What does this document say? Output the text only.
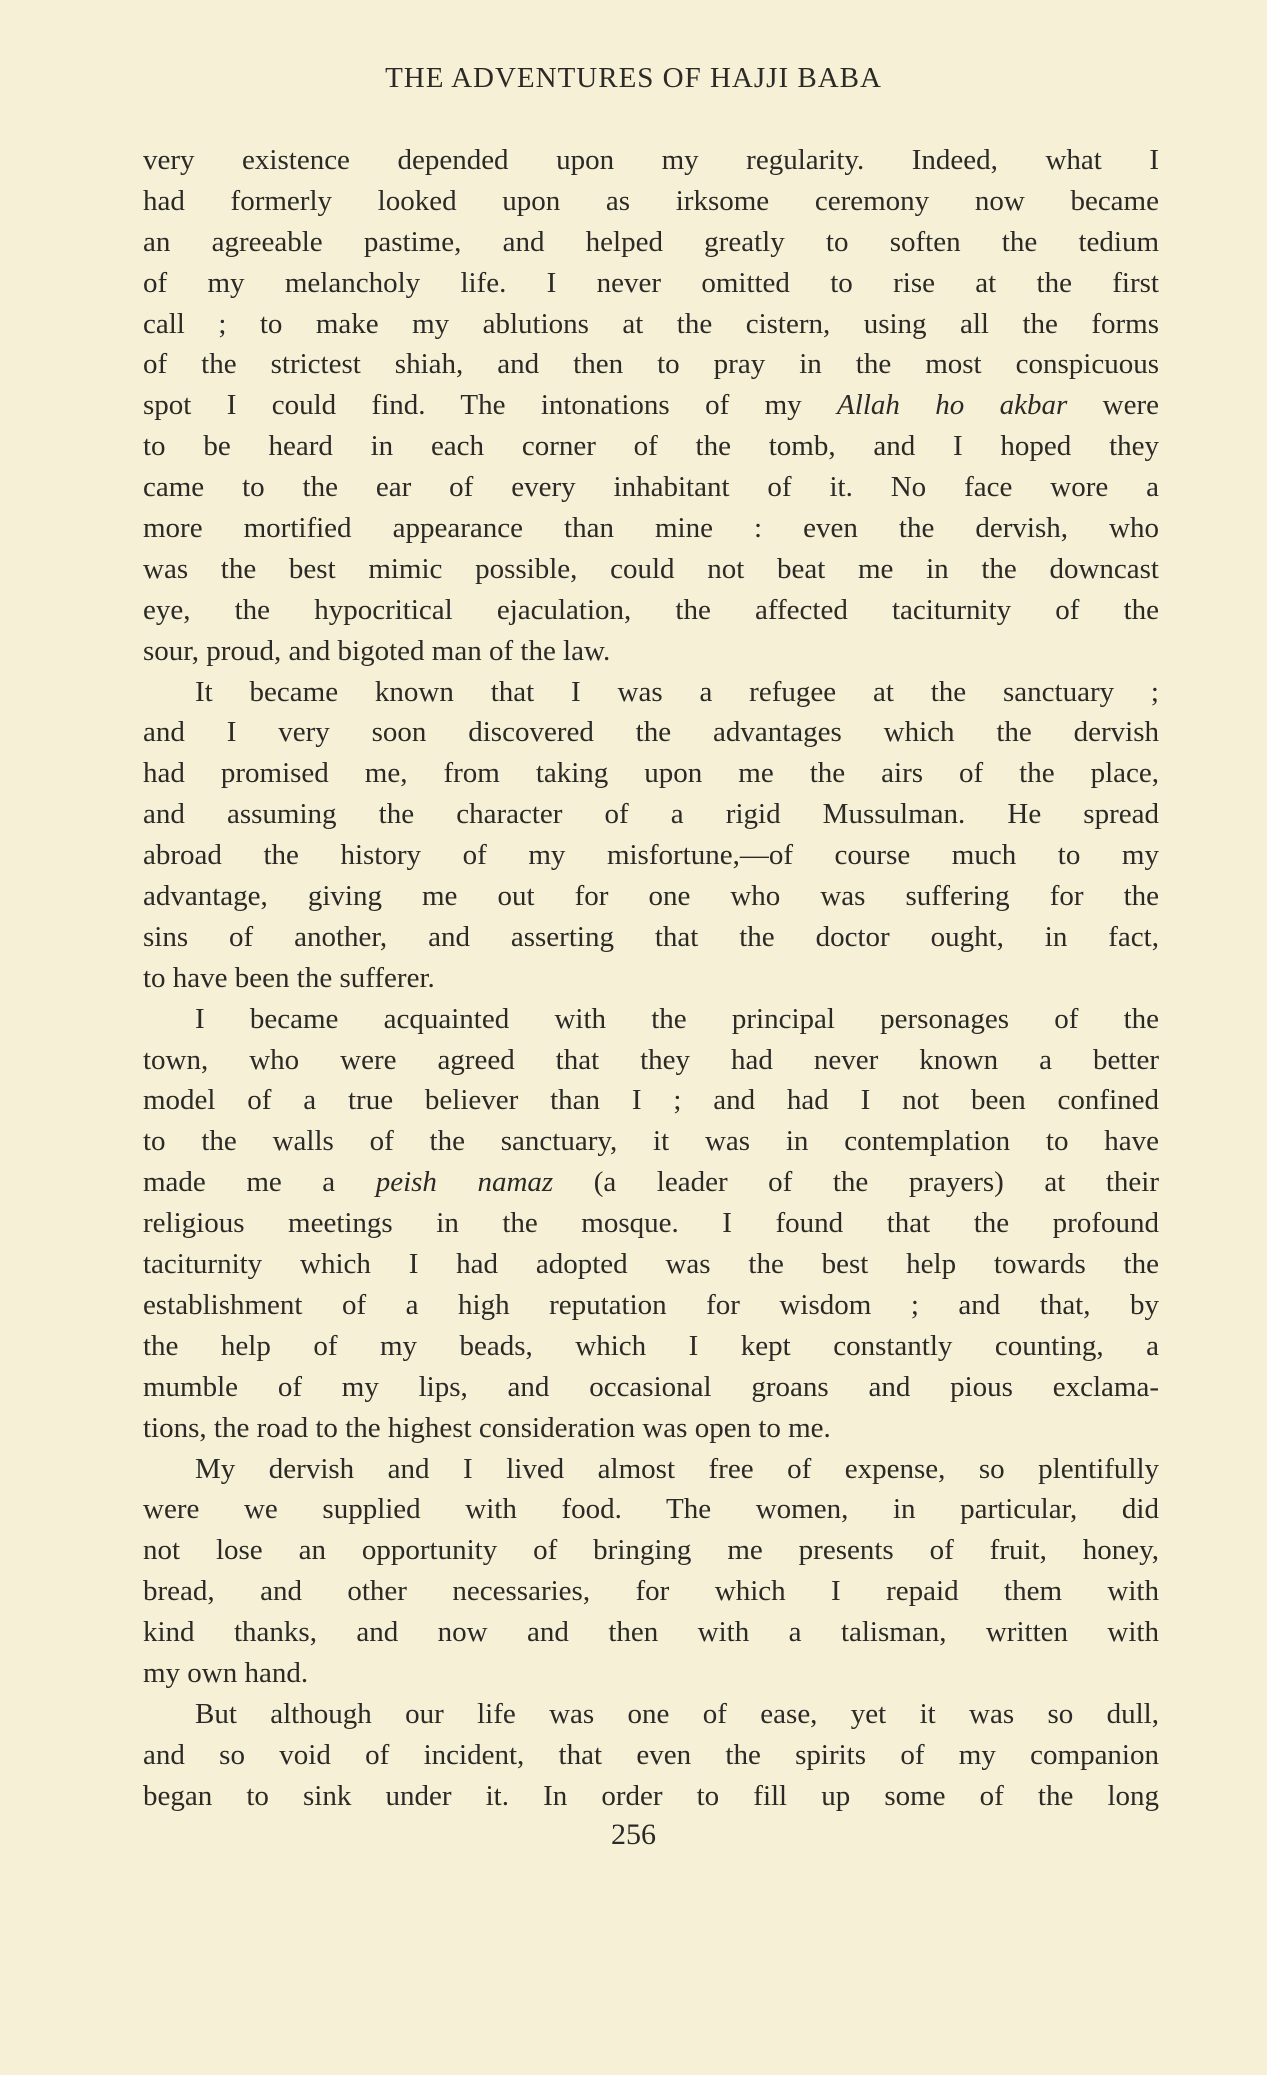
THE ADVENTURES OF HAJJI BABA
very existence depended upon my regularity. Indeed, what I
had formerly looked upon as irksome ceremony now became
an agreeable pastime, and helped greatly to soften the tedium
of my melancholy life. I never omitted to rise at the first
call ; to make my ablutions at the cistern, using all the forms
of the strictest shiah, and then to pray in the most conspicuous
spot I could find. The intonations of my Allah ho akbar were
to be heard in each corner of the tomb, and I hoped they
came to the ear of every inhabitant of it. No face wore a
more mortified appearance than mine : even the dervish, who
was the best mimic possible, could not beat me in the downcast
eye, the hypocritical ejaculation, the affected taciturnity of the
sour, proud, and bigoted man of the law.
It became known that I was a refugee at the sanctuary ;
and I very soon discovered the advantages which the dervish
had promised me, from taking upon me the airs of the place,
and assuming the character of a rigid Mussulman. He spread
abroad the history of my misfortune,—of course much to my
advantage, giving me out for one who was suffering for the
sins of another, and asserting that the doctor ought, in fact,
to have been the sufferer.
I became acquainted with the principal personages of the
town, who were agreed that they had never known a better
model of a true believer than I ; and had I not been confined
to the walls of the sanctuary, it was in contemplation to have
made me a peish namaz (a leader of the prayers) at their
religious meetings in the mosque. I found that the profound
taciturnity which I had adopted was the best help towards the
establishment of a high reputation for wisdom ; and that, by
the help of my beads, which I kept constantly counting, a
mumble of my lips, and occasional groans and pious exclama-
tions, the road to the highest consideration was open to me.
My dervish and I lived almost free of expense, so plentifully
were we supplied with food. The women, in particular, did
not lose an opportunity of bringing me presents of fruit, honey,
bread, and other necessaries, for which I repaid them with
kind thanks, and now and then with a talisman, written with
my own hand.
But although our life was one of ease, yet it was so dull,
and so void of incident, that even the spirits of my companion
began to sink under it. In order to fill up some of the long
256
